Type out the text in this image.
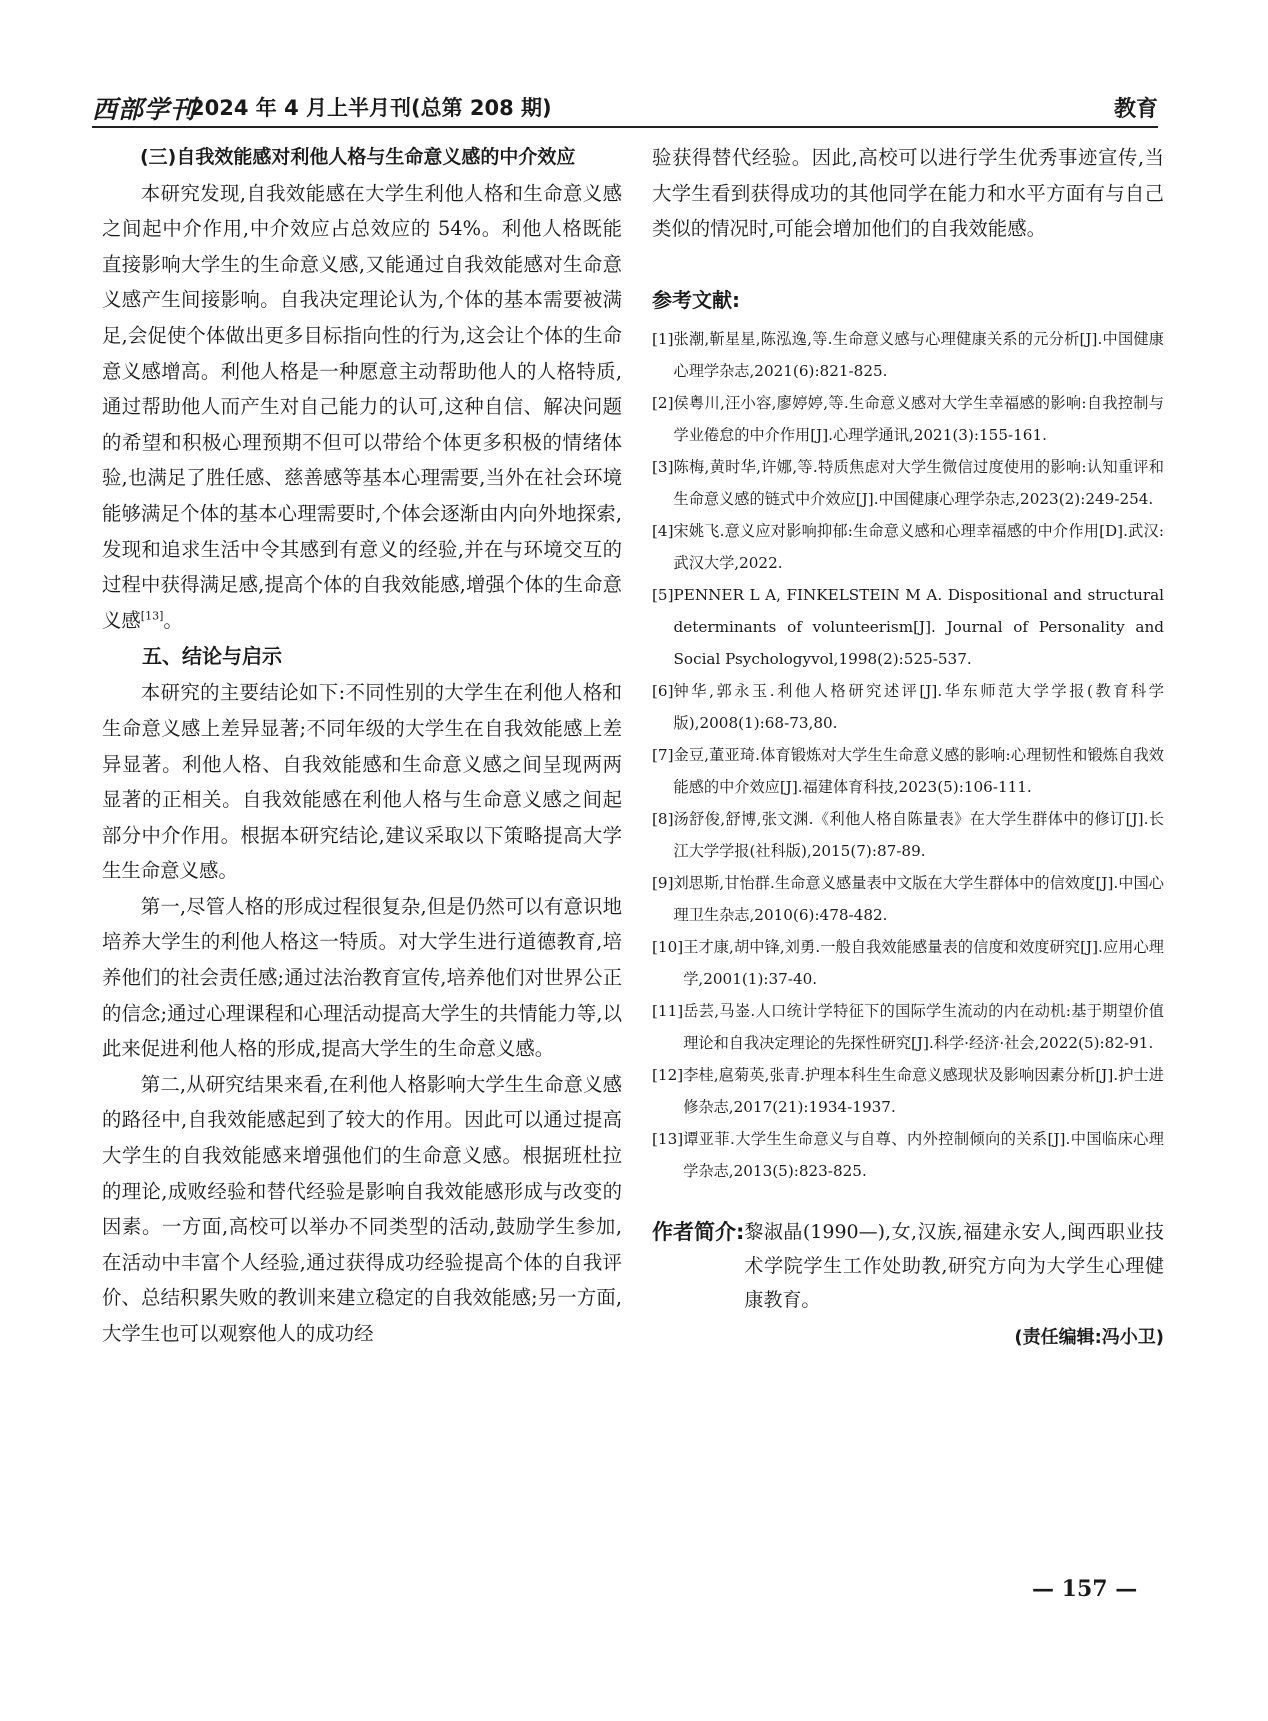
西部学刊
2024 年 4 月上半月刊(总第 208 期)	教育
(三)自我效能感对利他人格与生命意义感的中介效应

本研究发现,自我效能感在大学生利他人格和生命意义感之间起中介作用,中介效应占总效应的 54%。利他人格既能直接影响大学生的生命意义感,又能通过自我效能感对生命意义感产生间接影响。自我决定理论认为,个体的基本需要被满足,会促使个体做出更多目标指向性的行为,这会让个体的生命意义感增高。利他人格是一种愿意主动帮助他人的人格特质,通过帮助他人而产生对自己能力的认可,这种自信、解决问题的希望和积极心理预期不但可以带给个体更多积极的情绪体验,也满足了胜任感、慈善感等基本心理需要,当外在社会环境能够满足个体的基本心理需要时,个体会逐渐由内向外地探索,发现和追求生活中令其感到有意义的经验,并在与环境交互的过程中获得满足感,提高个体的自我效能感,增强个体的生命意义感[13]。

五、结论与启示

本研究的主要结论如下:不同性别的大学生在利他人格和生命意义感上差异显著;不同年级的大学生在自我效能感上差异显著。利他人格、自我效能感和生命意义感之间呈现两两显著的正相关。自我效能感在利他人格与生命意义感之间起部分中介作用。根据本研究结论,建议采取以下策略提高大学生生命意义感。

第一,尽管人格的形成过程很复杂,但是仍然可以有意识地培养大学生的利他人格这一特质。对大学生进行道德教育,培养他们的社会责任感;通过法治教育宣传,培养他们对世界公正的信念;通过心理课程和心理活动提高大学生的共情能力等,以此来促进利他人格的形成,提高大学生的生命意义感。

第二,从研究结果来看,在利他人格影响大学生生命意义感的路径中,自我效能感起到了较大的作用。因此可以通过提高大学生的自我效能感来增强他们的生命意义感。根据班杜拉的理论,成败经验和替代经验是影响自我效能感形成与改变的因素。一方面,高校可以举办不同类型的活动,鼓励学生参加,在活动中丰富个人经验,通过获得成功经验提高个体的自我评价、总结积累失败的教训来建立稳定的自我效能感;另一方面,大学生也可以观察他人的成功经

验获得替代经验。因此,高校可以进行学生优秀事迹宣传,当大学生看到获得成功的其他同学在能力和水平方面有与自己类似的情况时,可能会增加他们的自我效能感。

参考文献:
[1] 张潮,靳星星,陈泓逸,等.生命意义感与心理健康关系的元分析[J].中国健康心理学杂志,2021(6):821-825.
[2] 侯粤川,汪小容,廖婷婷,等.生命意义感对大学生幸福感的影响:自我控制与学业倦怠的中介作用[J].心理学通讯,2021(3):155-161.
[3] 陈梅,黄时华,许娜,等.特质焦虑对大学生微信过度使用的影响:认知重评和生命意义感的链式中介效应[J].中国健康心理学杂志,2023(2):249-254.
[4] 宋姚飞.意义应对影响抑郁:生命意义感和心理幸福感的中介作用[D].武汉:武汉大学,2022.
[5] PENNER L A, FINKELSTEIN M A. Dispositional and structural determinants of volunteerism[J]. Journal of Personality and Social Psychologyvol,1998(2):525-537.
[6] 钟华,郭永玉.利他人格研究述评[J].华东师范大学学报(教育科学版),2008(1):68-73,80.
[7] 金豆,董亚琦.体育锻炼对大学生生命意义感的影响:心理韧性和锻炼自我效能感的中介效应[J].福建体育科技,2023(5):106-111.
[8] 汤舒俊,舒博,张文渊.《利他人格自陈量表》在大学生群体中的修订[J].长江大学学报(社科版),2015(7):87-89.
[9] 刘思斯,甘怡群.生命意义感量表中文版在大学生群体中的信效度[J].中国心理卫生杂志,2010(6):478-482.
[10] 王才康,胡中锋,刘勇.一般自我效能感量表的信度和效度研究[J].应用心理学,2001(1):37-40.
[11] 岳芸,马崟.人口统计学特征下的国际学生流动的内在动机:基于期望价值理论和自我决定理论的先探性研究[J].科学·经济·社会,2022(5):82-91.
[12] 李桂,扈菊英,张青.护理本科生生命意义感现状及影响因素分析[J].护士进修杂志,2017(21):1934-1937.
[13] 谭亚菲.大学生生命意义与自尊、内外控制倾向的关系[J].中国临床心理学杂志,2013(5):823-825.
作者简介: 黎淑晶(1990—),女,汉族,福建永安人,闽西职业技术学院学生工作处助教,研究方向为大学生心理健康教育。
(责任编辑:冯小卫)
— 157 —
